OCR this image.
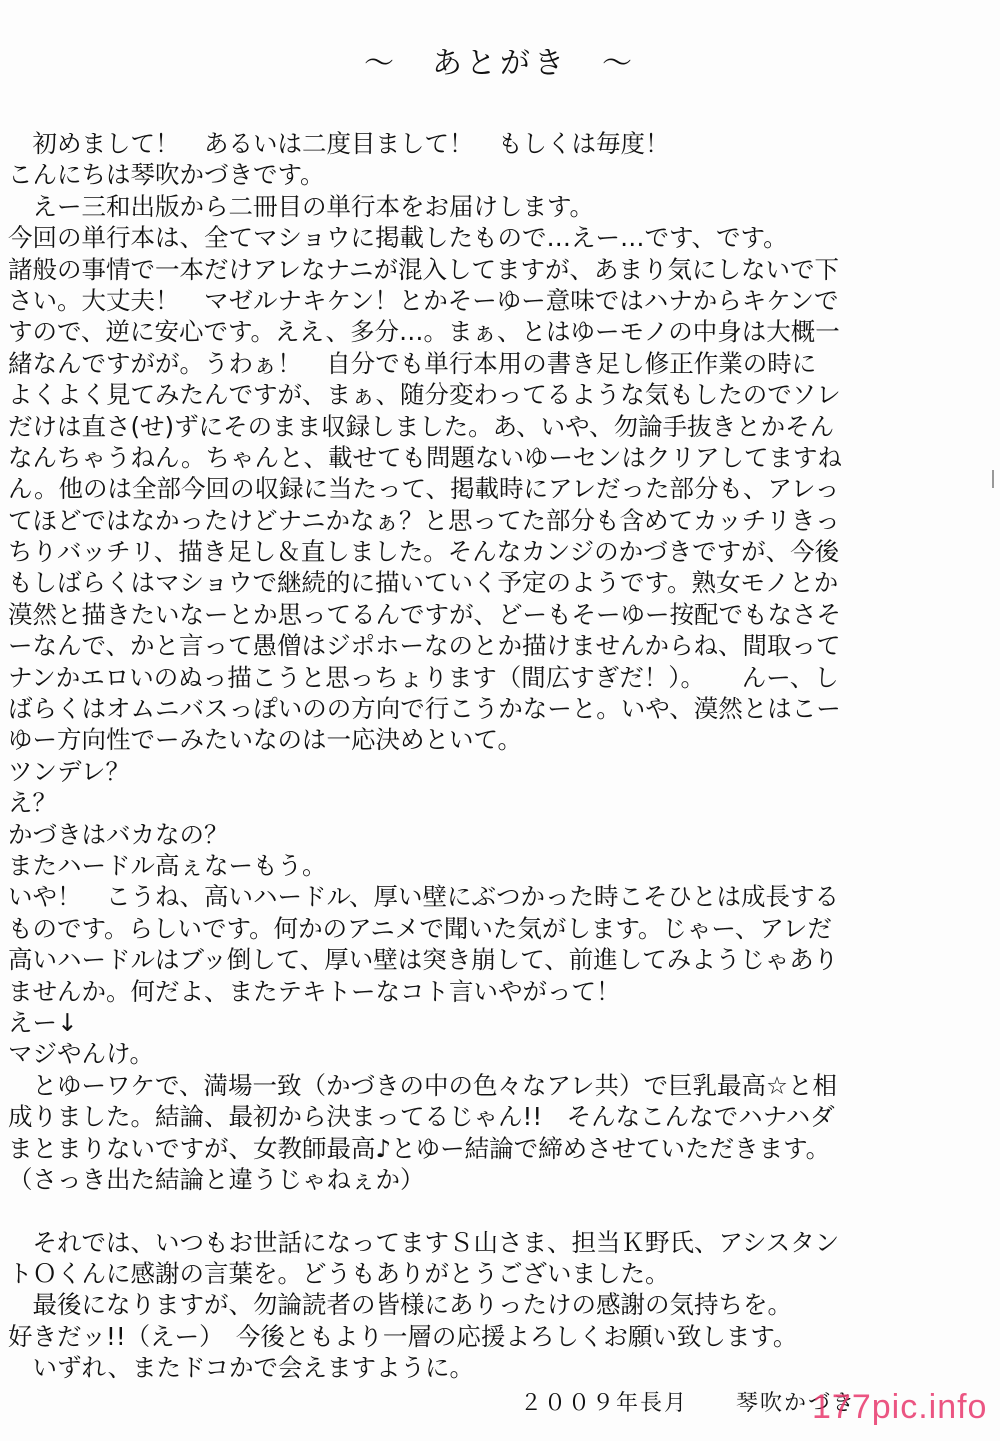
～　あとがき　～
　初めまして！　あるいは二度目まして！　もしくは毎度！
こんにちは琴吹かづきです。
　えー三和出版から二冊目の単行本をお届けします。
今回の単行本は、全てマショウに掲載したもので…えー…です、です。
諸般の事情で一本だけアレなナニが混入してますが、あまり気にしないで下
さい。大丈夫！　マゼルナキケン！とかそーゆー意味ではハナからキケンで
すので、逆に安心です。ええ、多分…。まぁ、とはゆーモノの中身は大概一
緒なんですがが。うわぁ！　自分でも単行本用の書き足し修正作業の時に
よくよく見てみたんですが、まぁ、随分変わってるような気もしたのでソレ
だけは直さ(せ)ずにそのまま収録しました。あ、いや、勿論手抜きとかそん
なんちゃうねん。ちゃんと、載せても問題ないゆーセンはクリアしてますね
ん。他のは全部今回の収録に当たって、掲載時にアレだった部分も、アレっ
てほどではなかったけどナニかなぁ？と思ってた部分も含めてカッチリきっ
ちりバッチリ、描き足し＆直しました。そんなカンジのかづきですが、今後
もしばらくはマショウで継続的に描いていく予定のようです。熟女モノとか
漠然と描きたいなーとか思ってるんですが、どーもそーゆー按配でもなさそ
ーなんで、かと言って愚僧はジポホーなのとか描けませんからね、間取って
ナンかエロいのぬっ描こうと思っちょります（間広すぎだ！）。　　んー、し
ばらくはオムニバスっぽいのの方向で行こうかなーと。いや、漠然とはこー
ゆー方向性でーみたいなのは一応決めといて。
ツンデレ？
え？
かづきはバカなの？
またハードル高ぇなーもう。
いや！　こうね、高いハードル、厚い壁にぶつかった時こそひとは成長する
ものです。らしいです。何かのアニメで聞いた気がします。じゃー、アレだ
高いハードルはブッ倒して、厚い壁は突き崩して、前進してみようじゃあり
ませんか。何だよ、またテキトーなコト言いやがって！
えー↓
マジやんけ。
　とゆーワケで、満場一致（かづきの中の色々なアレ共）で巨乳最高☆と相
成りました。結論、最初から決まってるじゃん!!　そんなこんなでハナハダ
まとまりないですが、女教師最高♪とゆー結論で締めさせていただきます。
（さっき出た結論と違うじゃねぇか）
　それでは、いつもお世話になってますＳ山さま、担当Ｋ野氏、アシスタン
トＯくんに感謝の言葉を。どうもありがとうございました。
　最後になりますが、勿論読者の皆様にありったけの感謝の気持ちを。
好きだッ!!（えー）　今後ともより一層の応援よろしくお願い致します。
　いずれ、またドコかで会えますように。
２００９年長月　　琴吹かづき
177pic.info
